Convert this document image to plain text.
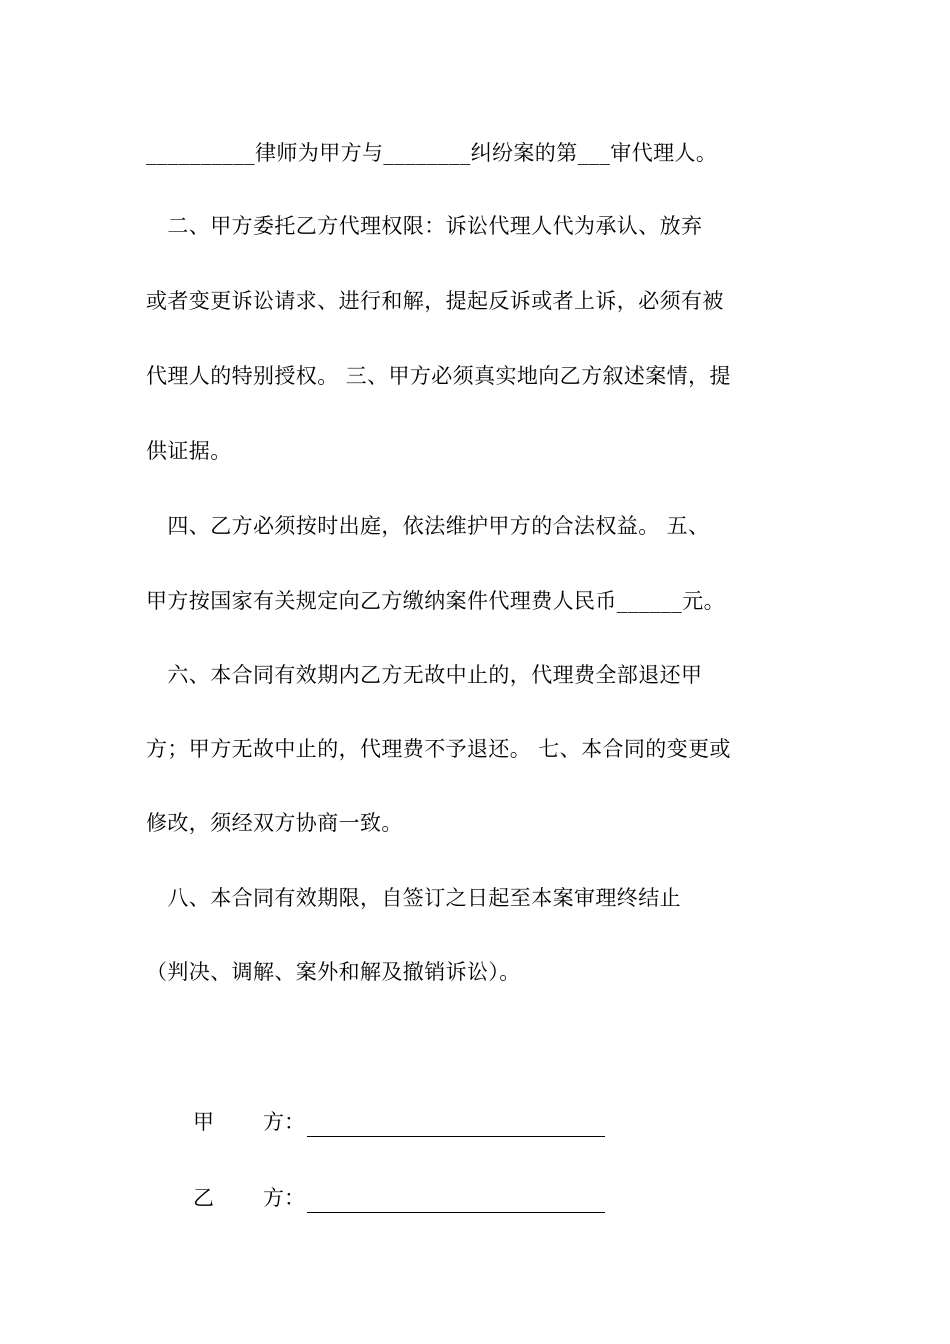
__________律师为甲方与________纠纷案的第___审代理人。
　二、甲方委托乙方代理权限：诉讼代理人代为承认、放弃
或者变更诉讼请求、进行和解，提起反诉或者上诉，必须有被
代理人的特别授权。 三、甲方必须真实地向乙方叙述案情，提
供证据。
　四、乙方必须按时出庭，依法维护甲方的合法权益。 五、
甲方按国家有关规定向乙方缴纳案件代理费人民币______元。
　六、本合同有效期内乙方无故中止的，代理费全部退还甲
方；甲方无故中止的，代理费不予退还。 七、本合同的变更或
修改，须经双方协商一致。
　八、本合同有效期限，自签订之日起至本案审理终结止
（判决、调解、案外和解及撤销诉讼）。
甲 方：
乙 方：
